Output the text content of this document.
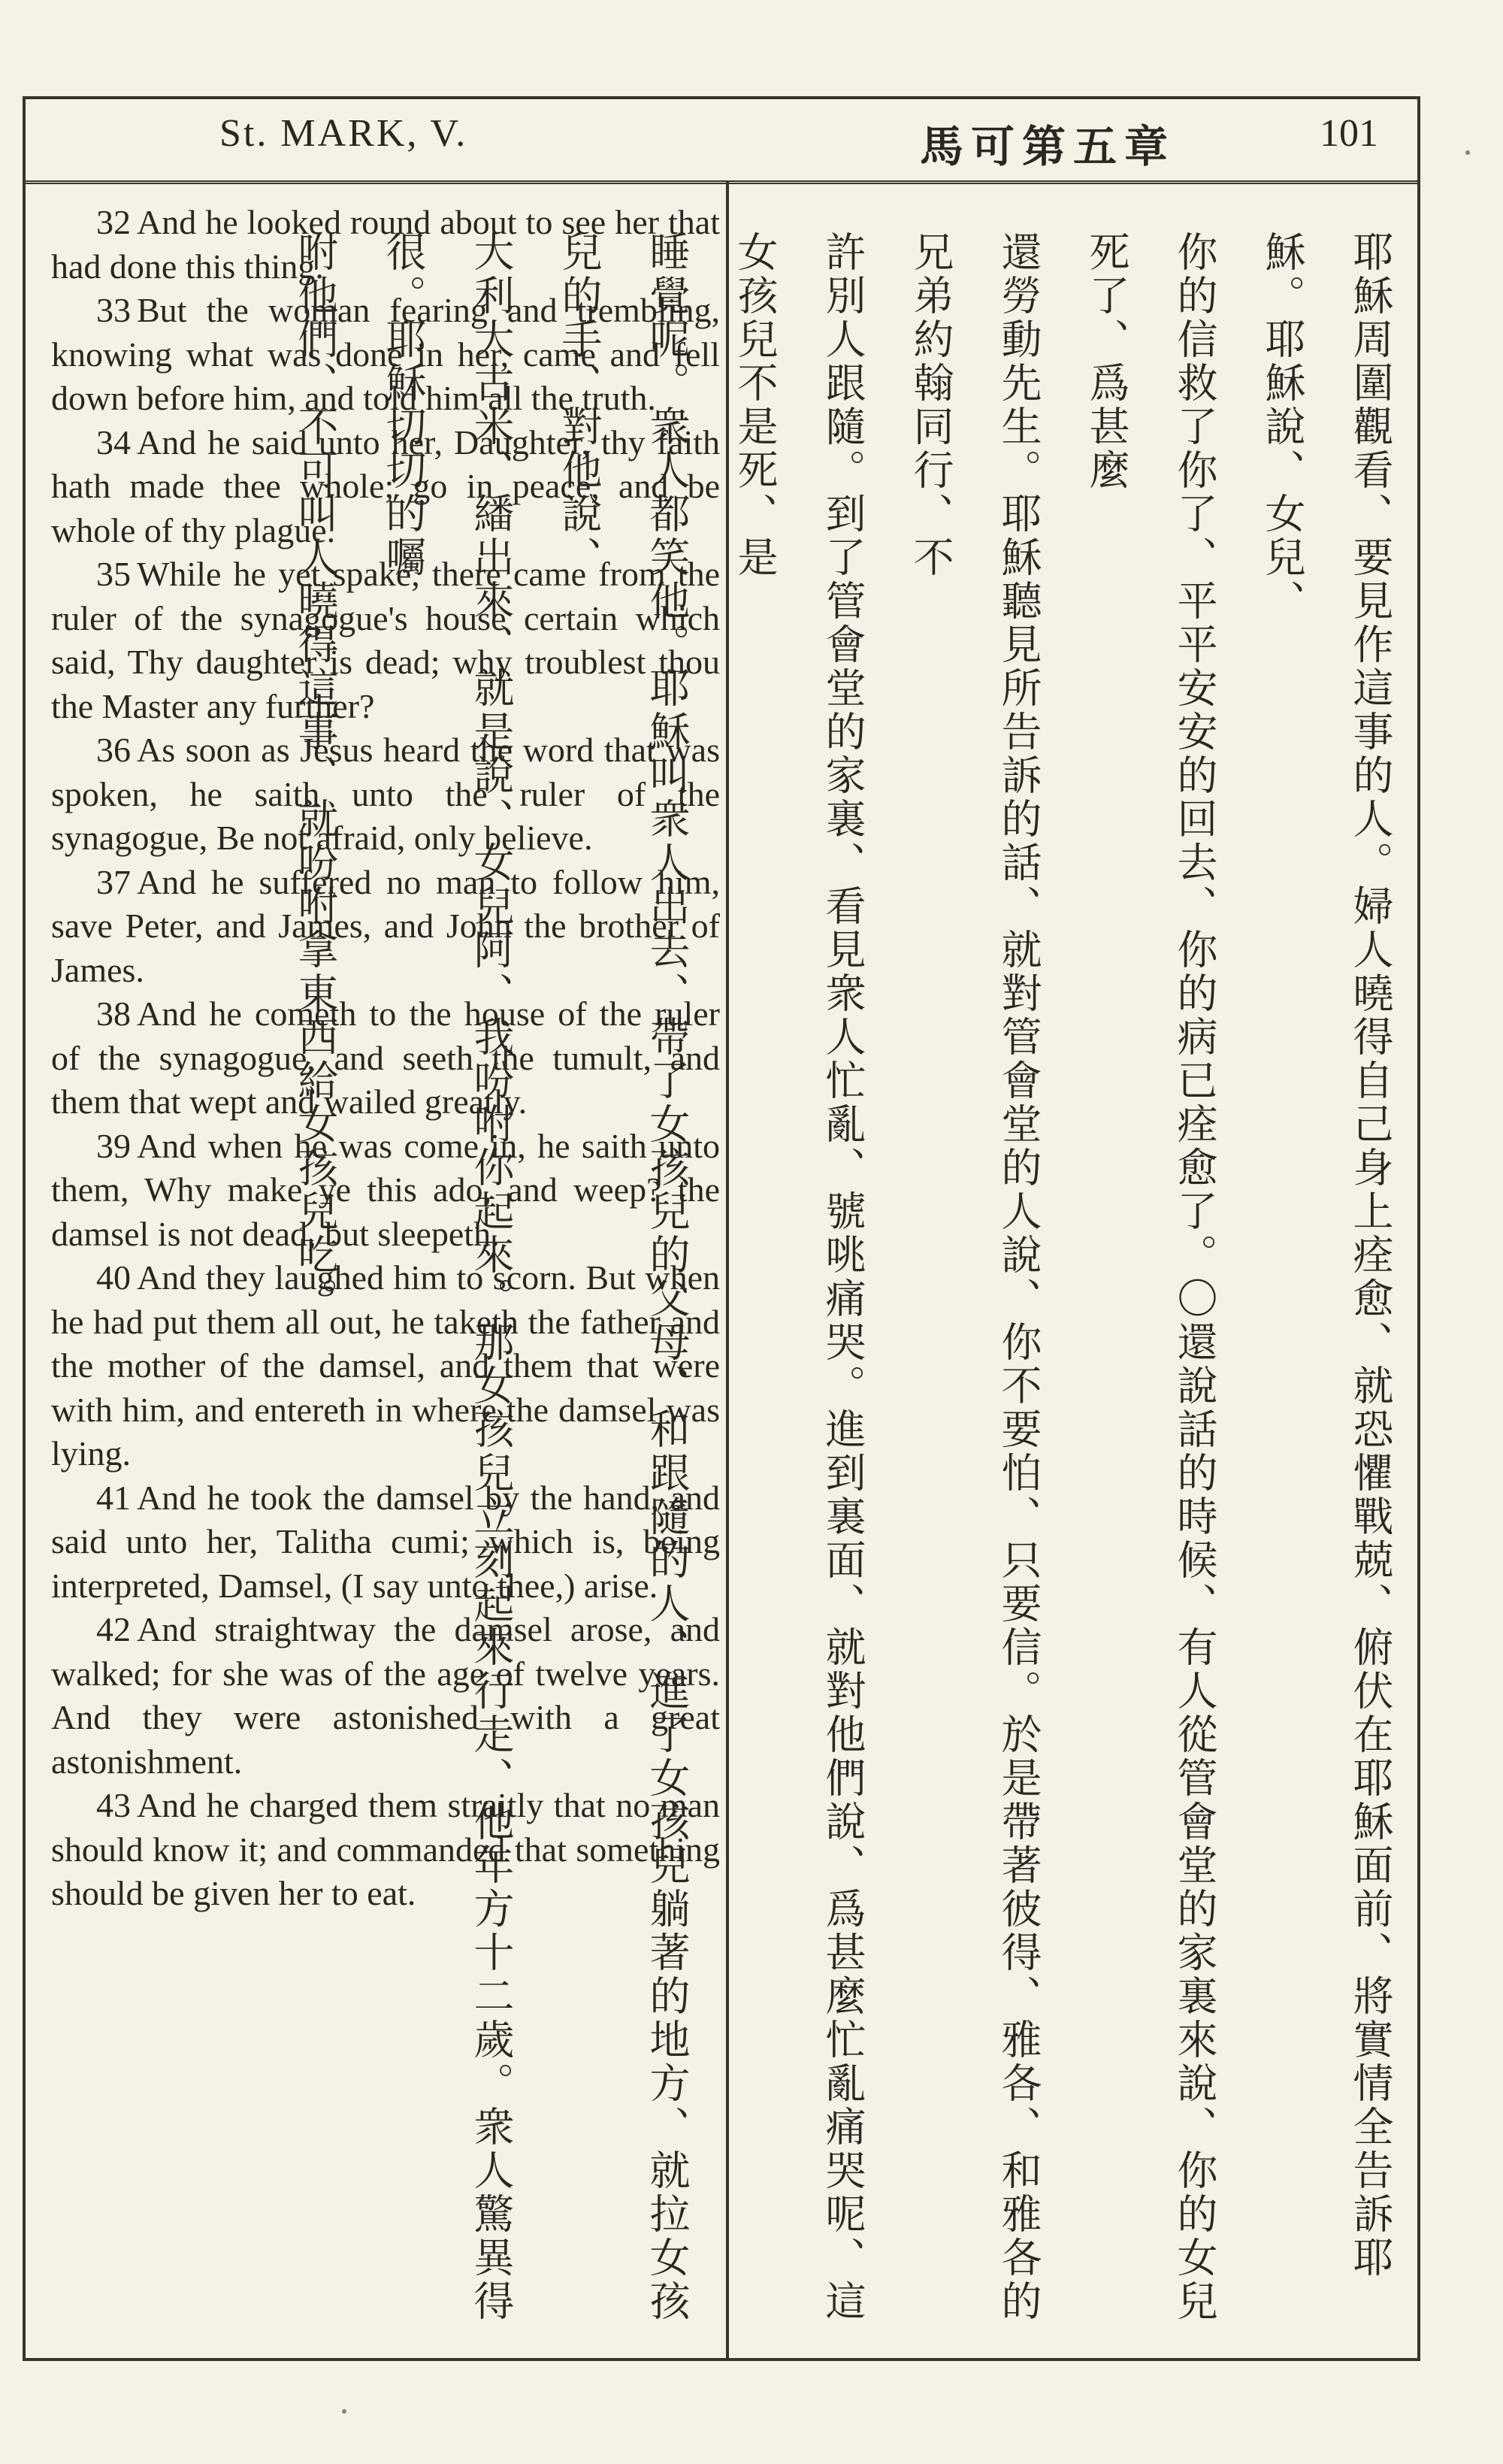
St. MARK, V.	馬可第五章	101

32 And he looked round about to see her that had done this thing.

33 But the woman fearing and trembling, knowing what was done in her, came and fell down before him, and told him all the truth.

34 And he said unto her, Daughter, thy faith hath made thee whole; go in peace, and be whole of thy plague.

35 While he yet spake, there came from the ruler of the synagogue's house certain which said, Thy daughter is dead; why troublest thou the Master any further?

36 As soon as Jesus heard the word that was spoken, he saith unto the ruler of the synagogue, Be not afraid, only believe.

37 And he suffered no man to follow him, save Peter, and James, and John the brother of James.

38 And he cometh to the house of the ruler of the synagogue, and seeth the tumult, and them that wept and wailed greatly.

39 And when he was come in, he saith unto them, Why make ye this ado, and weep? the damsel is not dead, but sleepeth.

40 And they laughed him to scorn. But when he had put them all out, he taketh the father and the mother of the damsel, and them that were with him, and entereth in where the damsel was lying.

41 And he took the damsel by the hand, and said unto her, Talitha cumi; which is, being interpreted, Damsel, (I say unto thee,) arise.

42 And straightway the damsel arose, and walked; for she was of the age of twelve years. And they were astonished with a great astonishment.

43 And he charged them straitly that no man should know it; and commanded that something should be given her to eat.	耶穌周圍觀看、要見作這事的人。婦人曉得自己身上痊愈、就恐懼戰兢、俯伏在耶穌面前、將實情全告訴耶穌。耶穌說、女兒、
你的信救了你了、平平安安的回去、你的病已痊愈了。〇還說話的時候、有人從管會堂的家裏來說、你的女兒死了、爲甚麼
還勞動先生。耶穌聽見所告訴的話、就對管會堂的人說、你不要怕、只要信。於是帶著彼得、雅各、和雅各的兄弟約翰同行、不
許別人跟隨。到了管會堂的家裏、看見衆人忙亂、號咷痛哭。進到裏面、就對他們說、爲甚麼忙亂痛哭呢、這女孩兒不是死、是
睡覺呢。衆人都笑他。耶穌叫衆人出去、帶了女孩兒的父母、和跟隨的人、進了女孩兒躺著的地方、就拉女孩兒的手、對他說、
大利大古米、繙出來、就是說、女兒阿、我吩咐你起來。那女孩兒立刻起來行走、他年方十二歲。衆人驚異得很。耶穌切切的囑
咐他們、不可叫人曉得這事、就吩咐拿東西給女孩兒吃。
